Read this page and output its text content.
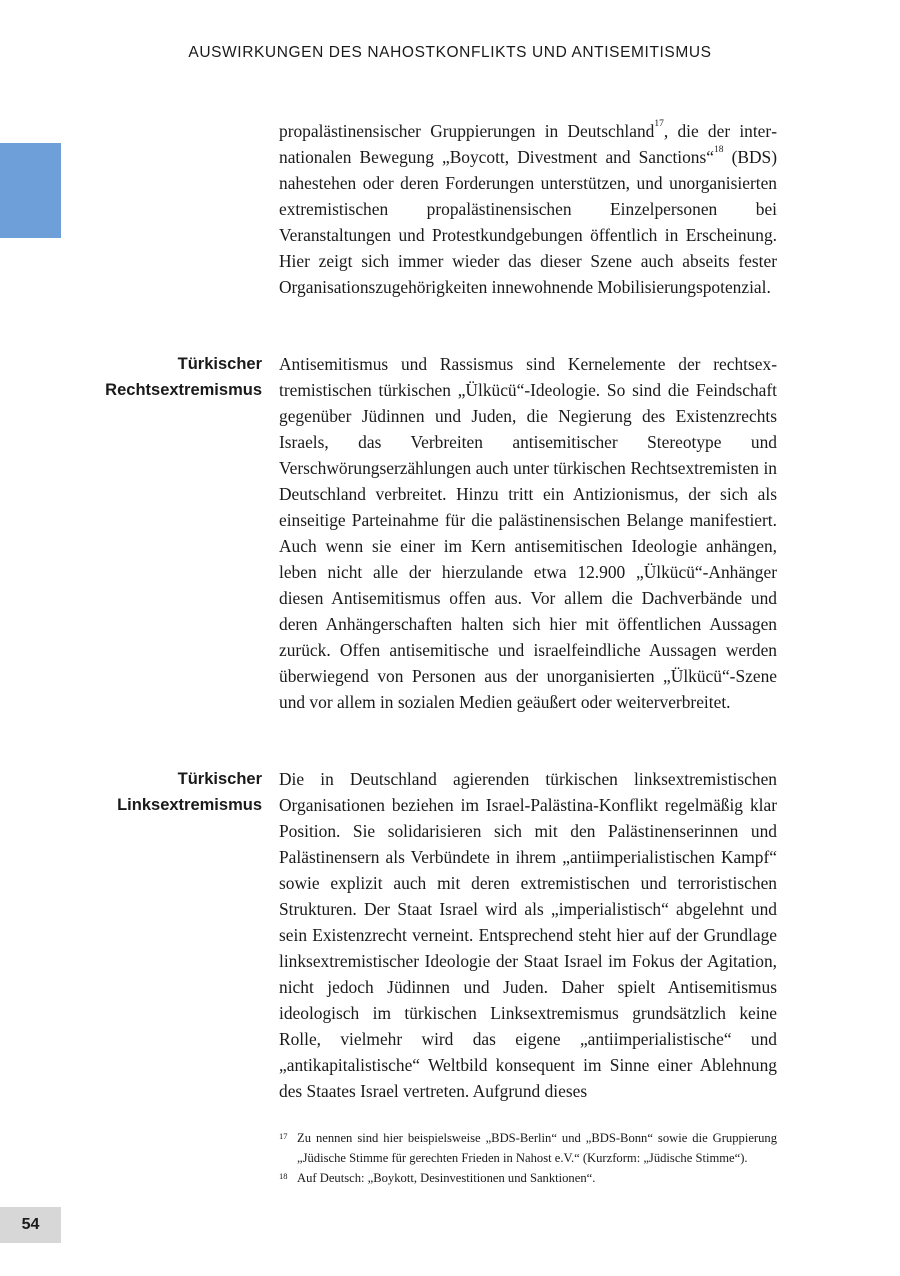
AUSWIRKUNGEN DES NAHOSTKONFLIKTS UND ANTISEMITISMUS

propalästinensischer Gruppierungen in Deutschland$^{17}$, die der internationalen Bewegung „Boycott, Divestment and Sanctions“$^{18}$ (BDS) nahestehen oder deren Forderungen unterstützen, und unorganisierten extremistischen propalästinensischen Einzelpersonen bei Veranstaltungen und Protestkundgebungen öffentlich in Erscheinung. Hier zeigt sich immer wieder das dieser Szene auch abseits fester Organisationszugehörigkeiten innewohnende Mobilisierungspotenzial.

Türkischer
Rechtsextremismus

Antisemitismus und Rassismus sind Kernelemente der rechtsextremistischen türkischen „Ülkücü“-Ideologie. So sind die Feindschaft gegenüber Jüdinnen und Juden, die Negierung des Existenzrechts Israels, das Verbreiten antisemitischer Stereotype und Verschwörungserzählungen auch unter türkischen Rechtsextremisten in Deutschland verbreitet. Hinzu tritt ein Antizionismus, der sich als einseitige Parteinahme für die palästinensischen Belange manifestiert. Auch wenn sie einer im Kern antisemitischen Ideologie anhängen, leben nicht alle der hierzulande etwa 12.900 „Ülkücü“-Anhänger diesen Antisemitismus offen aus. Vor allem die Dachverbände und deren Anhängerschaften halten sich hier mit öffentlichen Aussagen zurück. Offen antisemitische und israelfeindliche Aussagen werden überwiegend von Personen aus der unorganisierten „Ülkücü“-Szene und vor allem in sozialen Medien geäußert oder weiterverbreitet.

Türkischer
Linksextremismus

Die in Deutschland agierenden türkischen linksextremistischen Organisationen beziehen im Israel-Palästina-Konflikt regelmäßig klar Position. Sie solidarisieren sich mit den Palästinenserinnen und Palästinensern als Verbündete in ihrem „antiimperialistischen Kampf“ sowie explizit auch mit deren extremistischen und terroristischen Strukturen. Der Staat Israel wird als „imperialistisch“ abgelehnt und sein Existenzrecht verneint. Entsprechend steht hier auf der Grundlage linksextremistischer Ideologie der Staat Israel im Fokus der Agitation, nicht jedoch Jüdinnen und Juden. Daher spielt Antisemitismus ideologisch im türkischen Linksextremismus grundsätzlich keine Rolle, vielmehr wird das eigene „antiimperialistische“ und „antikapitalistische“ Weltbild konsequent im Sinne einer Ablehnung des Staates Israel vertreten. Aufgrund dieses

17 Zu nennen sind hier beispielsweise „BDS-Berlin“ und „BDS-Bonn“ sowie die Gruppierung „Jüdische Stimme für gerechten Frieden in Nahost e.V.“ (Kurzform: „Jüdische Stimme“).

18 Auf Deutsch: „Boykott, Desinvestitionen und Sanktionen“.

54
